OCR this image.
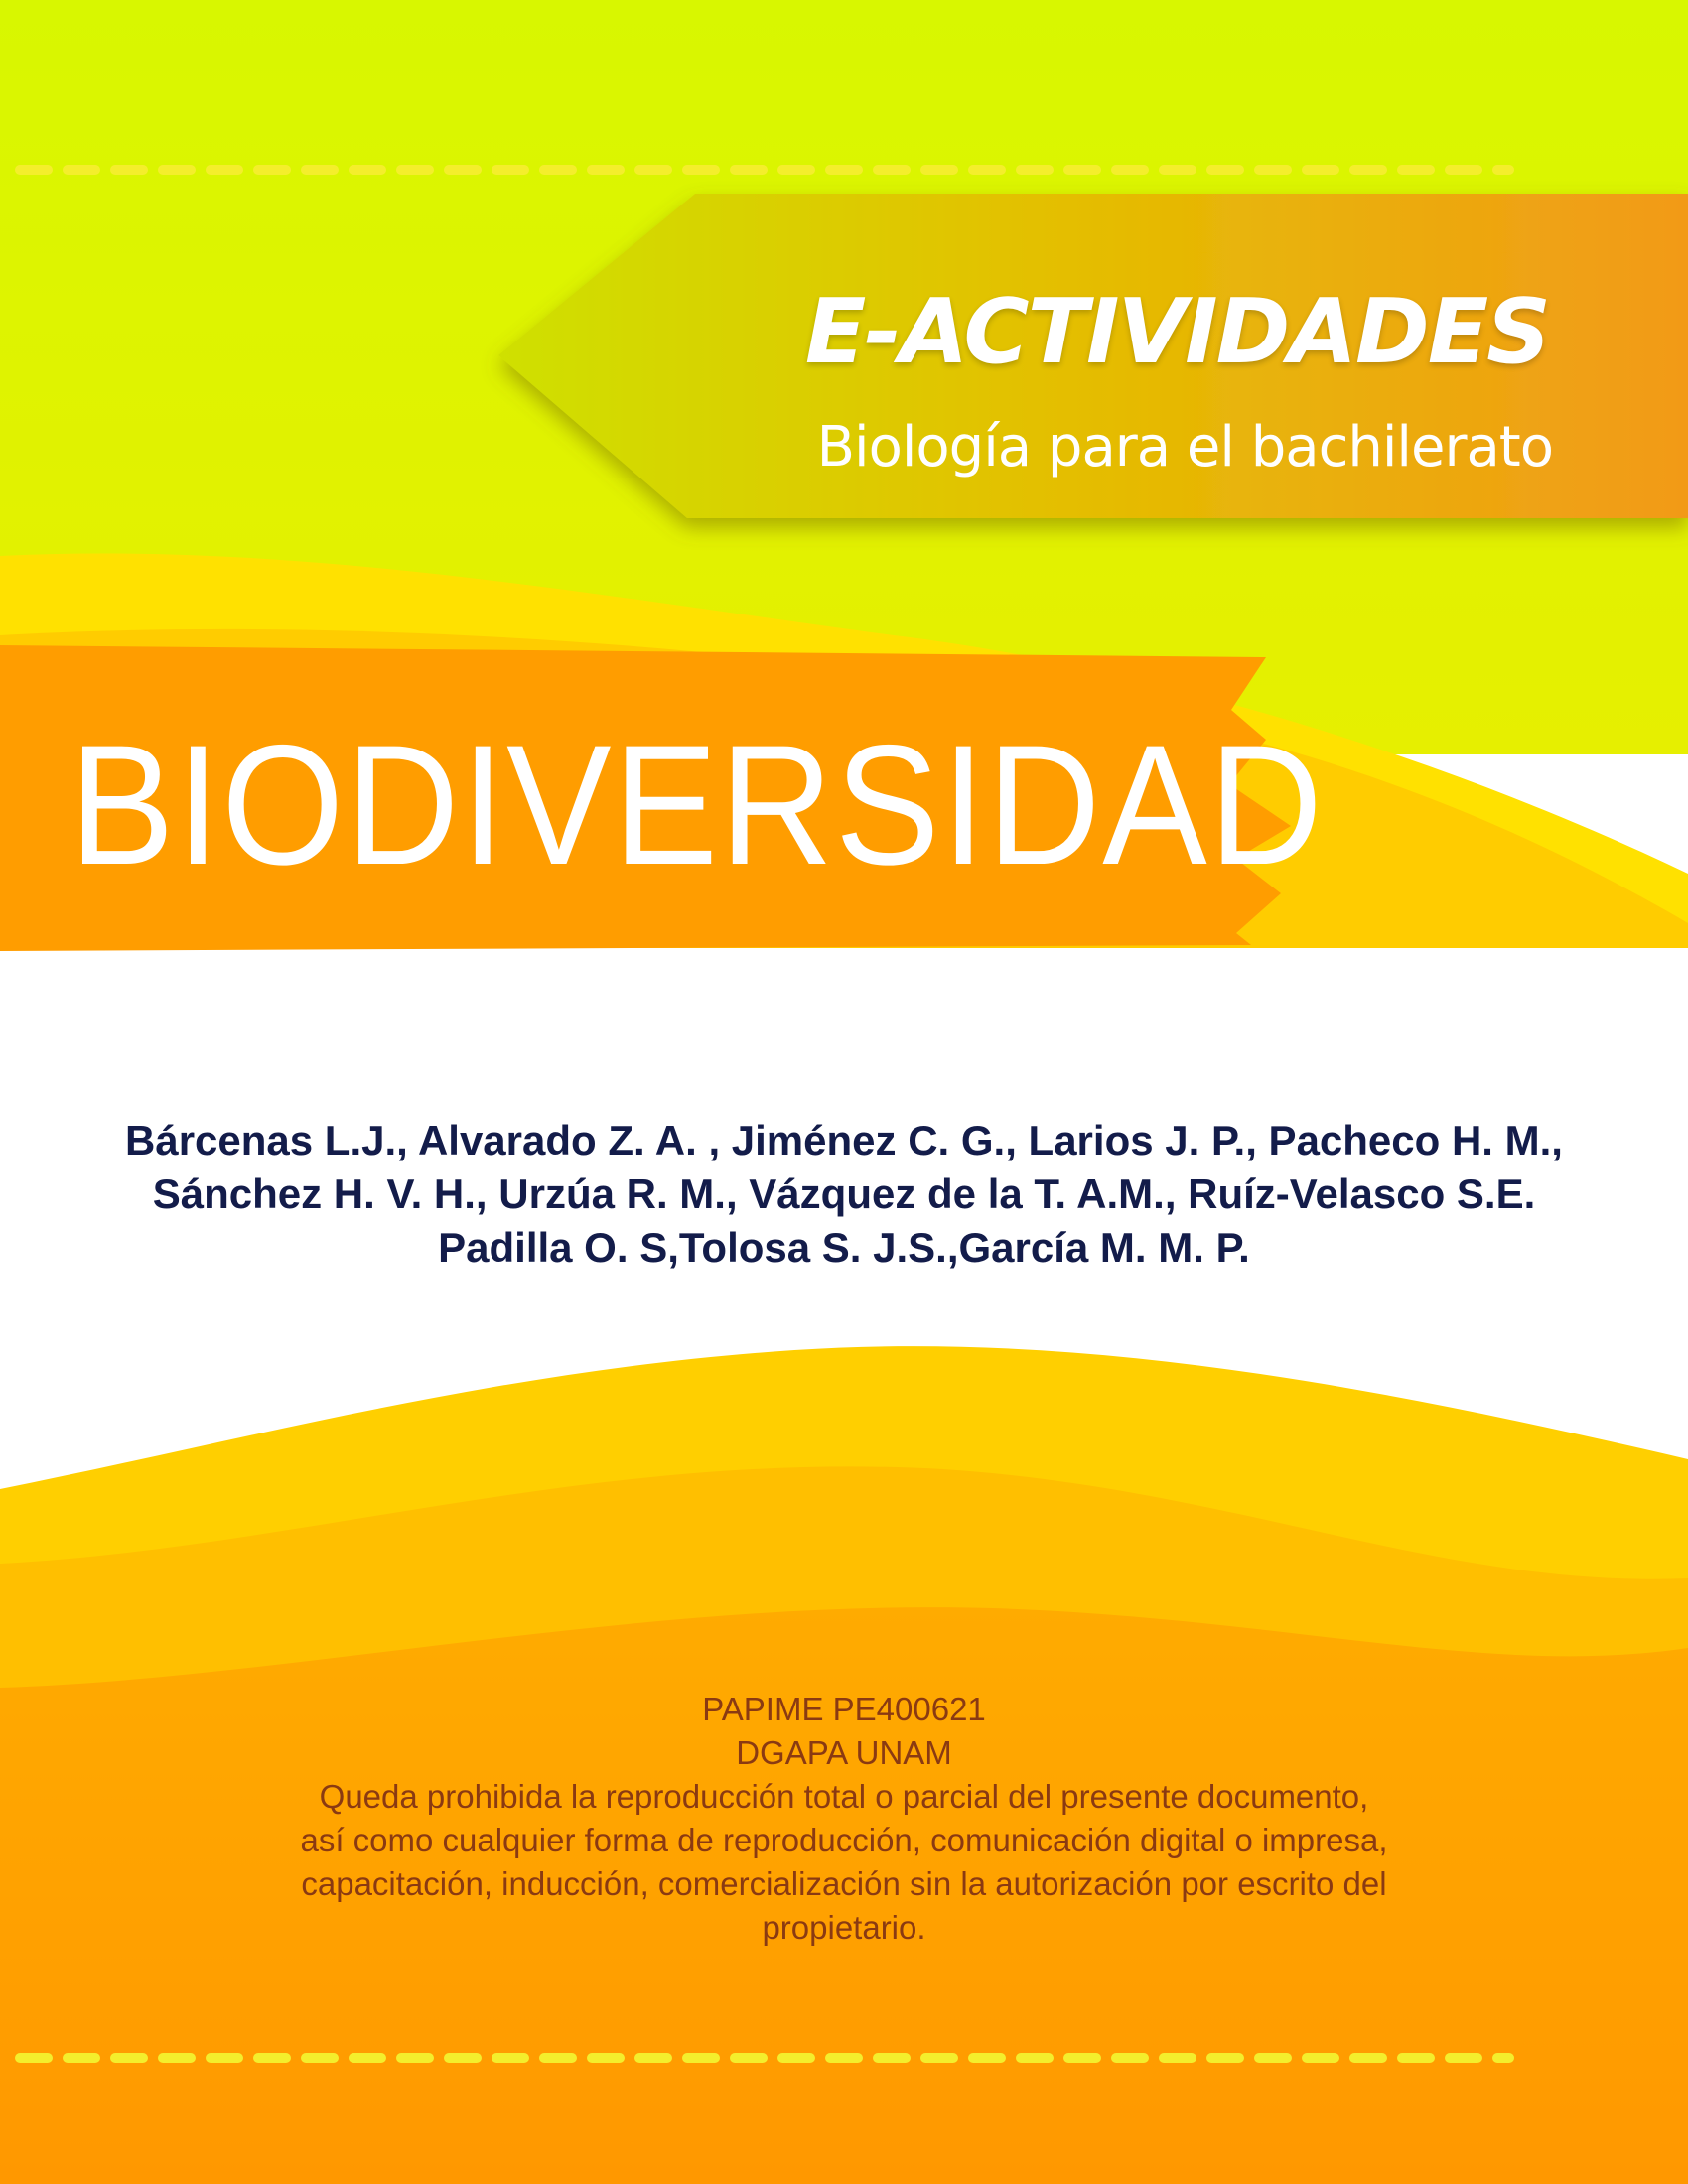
E-ACTIVIDADES
Biología para el bachilerato
BIODIVERSIDAD
Bárcenas L.J., Alvarado Z. A. , Jiménez C. G., Larios J. P., Pacheco H. M.,
Sánchez H. V. H., Urzúa R. M., Vázquez de la T. A.M., Ruíz-Velasco S.E.
Padilla O. S,Tolosa S. J.S.,García M. M. P.
PAPIME PE400621
DGAPA UNAM
Queda prohibida la reproducción total o parcial del presente documento,
así como cualquier forma de reproducción, comunicación digital o impresa,
capacitación, inducción, comercialización sin la autorización por escrito del
propietario.
